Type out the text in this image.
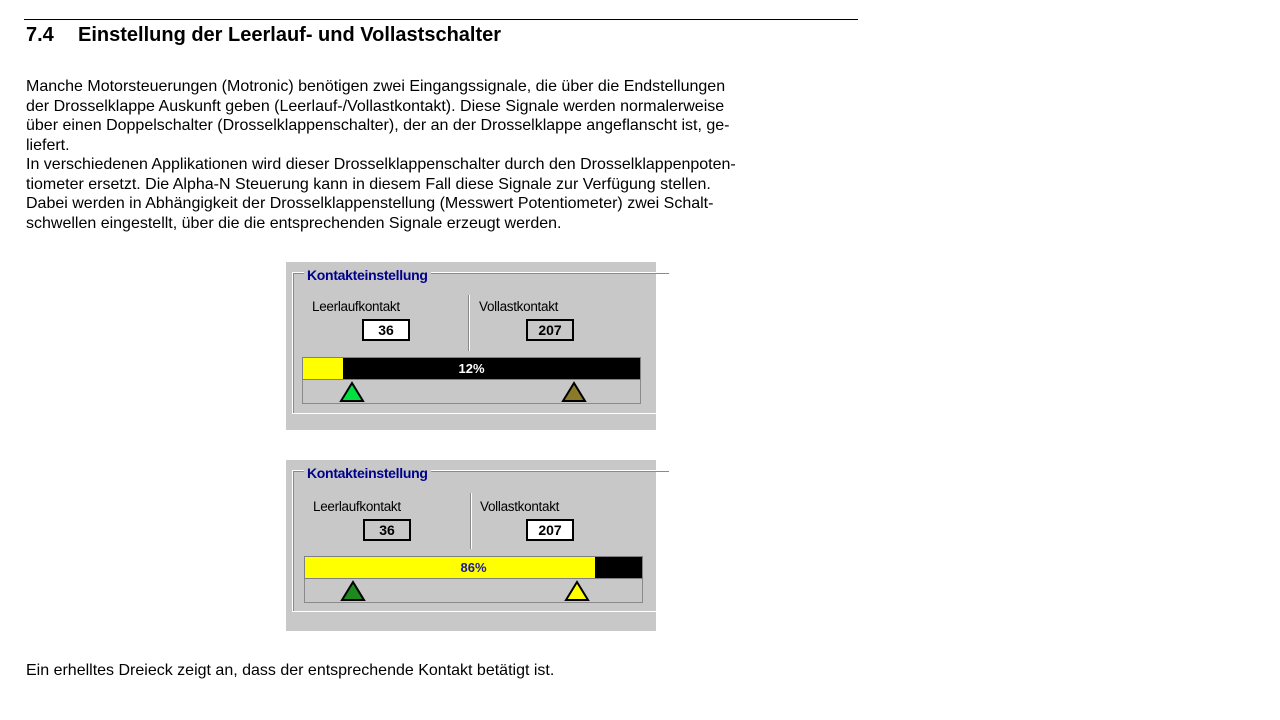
7.4	Einstellung der Leerlauf- und Vollastschalter
Manche Motorsteuerungen (Motronic) benötigen zwei Eingangssignale, die über die Endstellungen
der Drosselklappe Auskunft geben (Leerlauf-/Vollastkontakt). Diese Signale werden normalerweise
über einen Doppelschalter (Drosselklappenschalter), der an der Drosselklappe angeflanscht ist, ge-
liefert.
In verschiedenen Applikationen wird dieser Drosselklappenschalter durch den Drosselklappenpoten-
tiometer ersetzt. Die Alpha-N Steuerung kann in diesem Fall diese Signale zur Verfügung stellen.
Dabei werden in Abhängigkeit der Drosselklappenstellung (Messwert Potentiometer) zwei Schalt-
schwellen eingestellt, über die die entsprechenden Signale erzeugt werden.
Kontakteinstellung
Leerlaufkontakt
36
Vollastkontakt
207
12%
Kontakteinstellung
Leerlaufkontakt
36
Vollastkontakt
207
86%
Ein erhelltes Dreieck zeigt an, dass der entsprechende Kontakt betätigt ist.
